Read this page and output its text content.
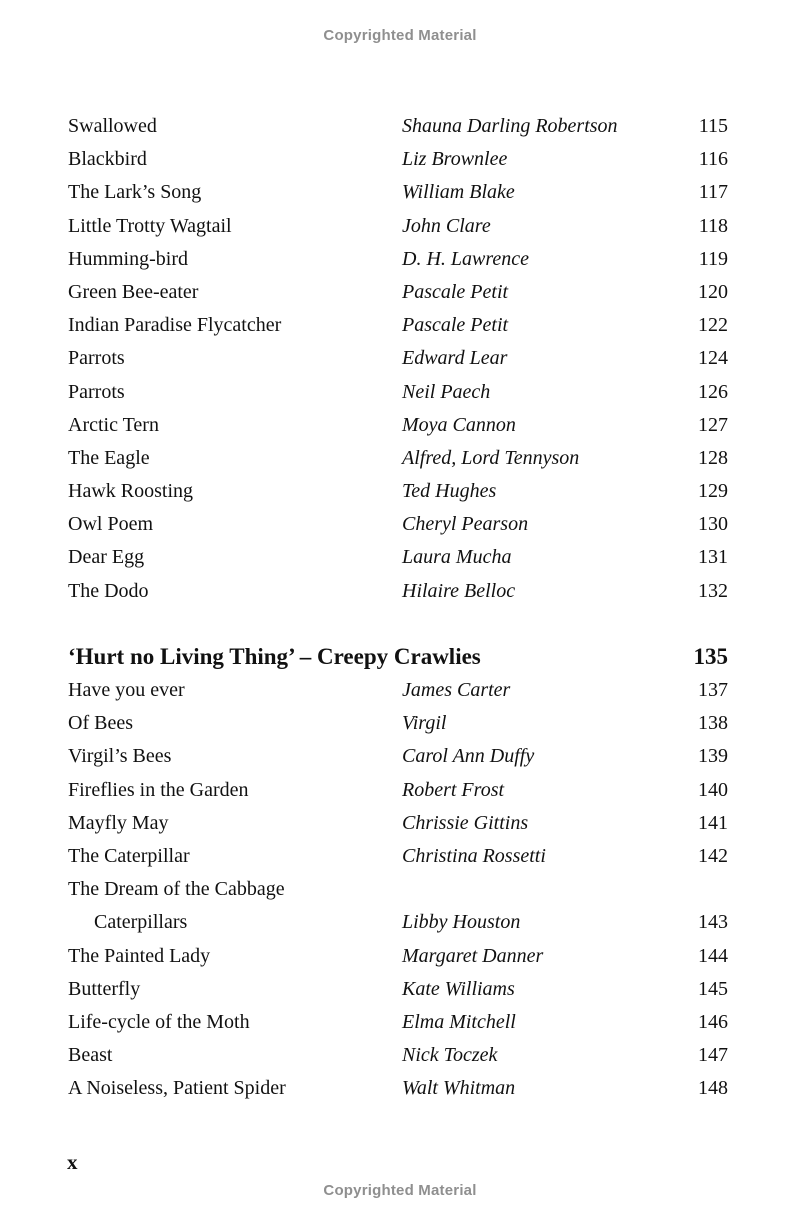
Copyrighted Material
Swallowed	Shauna Darling Robertson	115
Blackbird	Liz Brownlee	116
The Lark’s Song	William Blake	117
Little Trotty Wagtail	John Clare	118
Humming-bird	D. H. Lawrence	119
Green Bee-eater	Pascale Petit	120
Indian Paradise Flycatcher	Pascale Petit	122
Parrots	Edward Lear	124
Parrots	Neil Paech	126
Arctic Tern	Moya Cannon	127
The Eagle	Alfred, Lord Tennyson	128
Hawk Roosting	Ted Hughes	129
Owl Poem	Cheryl Pearson	130
Dear Egg	Laura Mucha	131
The Dodo	Hilaire Belloc	132
‘Hurt no Living Thing’ – Creepy Crawlies	135
Have you ever	James Carter	137
Of Bees	Virgil	138
Virgil’s Bees	Carol Ann Duffy	139
Fireflies in the Garden	Robert Frost	140
Mayfly May	Chrissie Gittins	141
The Caterpillar	Christina Rossetti	142
The Dream of the Cabbage
Caterpillars	Libby Houston	143
The Painted Lady	Margaret Danner	144
Butterfly	Kate Williams	145
Life-cycle of the Moth	Elma Mitchell	146
Beast	Nick Toczek	147
A Noiseless, Patient Spider	Walt Whitman	148
x
Copyrighted Material
